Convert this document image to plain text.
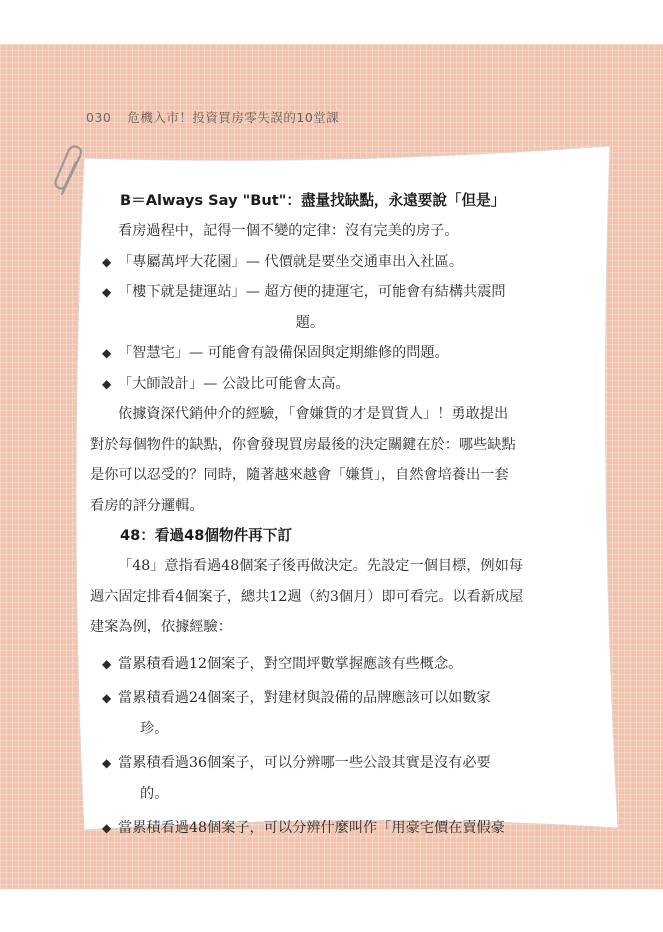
030 危機入市！投資買房零失誤的10堂課
B＝Always Say "But"：盡量找缺點，永遠要說「但是」
看房過程中，記得一個不變的定律：沒有完美的房子。
◆ 「專屬萬坪大花園」— 代價就是要坐交通車出入社區。
◆ 「樓下就是捷運站」— 超方便的捷運宅，可能會有結構共震問
題。
◆ 「智慧宅」— 可能會有設備保固與定期維修的問題。
◆ 「大師設計」— 公設比可能會太高。
依據資深代銷仲介的經驗，「會嫌貨的才是買貨人」！勇敢提出
對於每個物件的缺點，你會發現買房最後的決定關鍵在於：哪些缺點
是你可以忍受的？同時，隨著越來越會「嫌貨」，自然會培養出一套
看房的評分邏輯。
48：看過48個物件再下訂
「48」意指看過48個案子後再做決定。先設定一個目標，例如每
週六固定排看4個案子，總共12週（約3個月）即可看完。以看新成屋
建案為例，依據經驗：
◆ 當累積看過12個案子，對空間坪數掌握應該有些概念。
◆ 當累積看過24個案子，對建材與設備的品牌應該可以如數家
珍。
◆ 當累積看過36個案子，可以分辨哪一些公設其實是沒有必要
的。
◆ 當累積看過48個案子，可以分辨什麼叫作「用豪宅價在賣假豪
